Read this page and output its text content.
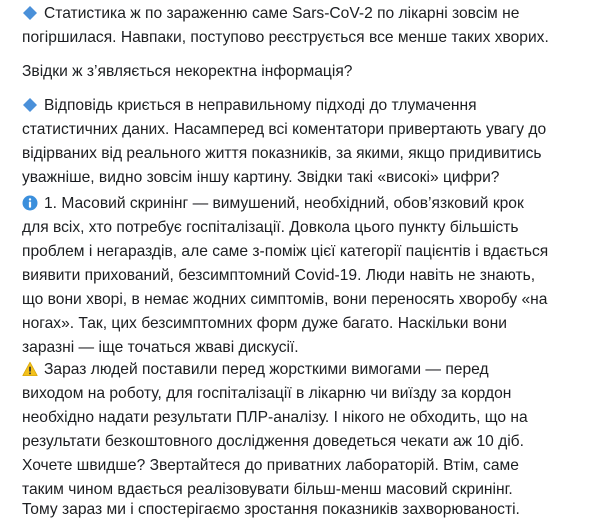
Статистика ж по зараженню саме Sars-CoV-2 по лікарні зовсім не
погіршилася. Навпаки, поступово реєструється все менше таких хворих.
Звідки ж з’являється некоректна інформація?
Відповідь криється в неправильному підході до тлумачення
статистичних даних. Насамперед всі коментатори привертають увагу до
відірваних від реального життя показників, за якими, якщо придивитись
уважніше, видно зовсім іншу картину. Звідки такі «високі» цифри?
1. Масовий скринінг — вимушений, необхідний, обов’язковий крок
для всіх, хто потребує госпіталізації. Довкола цього пункту більшість
проблем і негараздів, але саме з-поміж цієї категорії пацієнтів і вдається
виявити прихований, безсимптомний Covid-19. Люди навіть не знають,
що вони хворі, в немає жодних симптомів, вони переносять хворобу «на
ногах». Так, цих безсимптомних форм дуже багато. Наскільки вони
заразні — іще точаться жваві дискусії.
Зараз людей поставили перед жорсткими вимогами — перед
виходом на роботу, для госпіталізації в лікарню чи виїзду за кордон
необхідно надати результати ПЛР-аналізу. І нікого не обходить, що на
результати безкоштовного дослідження доведеться чекати аж 10 діб.
Хочете швидше? Звертайтеся до приватних лабораторій. Втім, саме
таким чином вдається реалізовувати більш-менш масовий скринінг.
Тому зараз ми і спостерігаємо зростання показників захворюваності.
